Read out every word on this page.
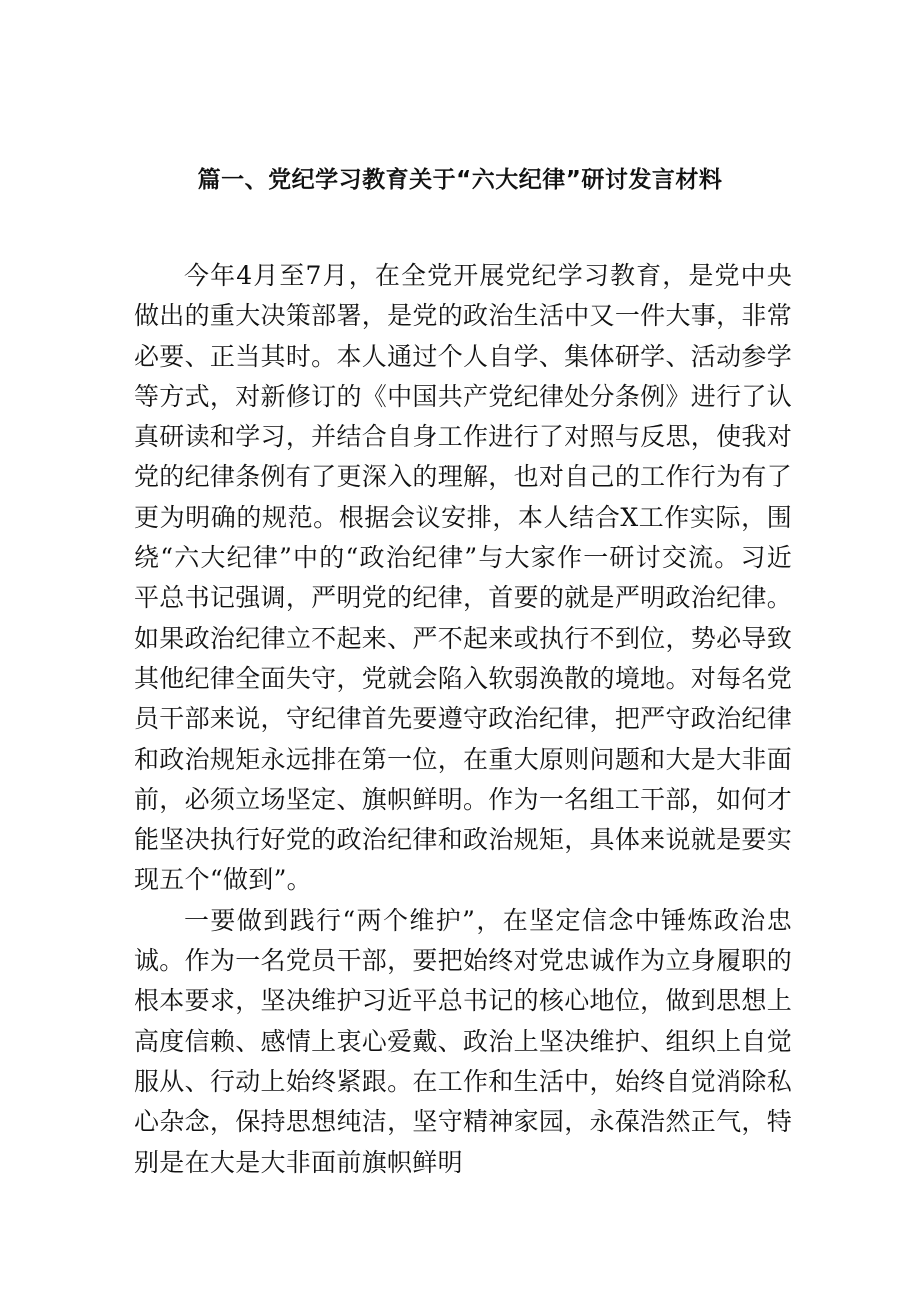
篇一、党纪学习教育关于“六大纪律”研讨发言材料

今年4月至7月，在全党开展党纪学习教育，是党中央做出的重大决策部署，是党的政治生活中又一件大事，非常必要、正当其时。本人通过个人自学、集体研学、活动参学等方式，对新修订的《中国共产党纪律处分条例》进行了认真研读和学习，并结合自身工作进行了对照与反思，使我对党的纪律条例有了更深入的理解，也对自己的工作行为有了更为明确的规范。根据会议安排，本人结合X工作实际，围绕“六大纪律”中的“政治纪律”与大家作一研讨交流。习近平总书记强调，严明党的纪律，首要的就是严明政治纪律。如果政治纪律立不起来、严不起来或执行不到位，势必导致其他纪律全面失守，党就会陷入软弱涣散的境地。对每名党员干部来说，守纪律首先要遵守政治纪律，把严守政治纪律和政治规矩永远排在第一位，在重大原则问题和大是大非面前，必须立场坚定、旗帜鲜明。作为一名组工干部，如何才能坚决执行好党的政治纪律和政治规矩，具体来说就是要实现五个“做到”。

一要做到践行“两个维护”，在坚定信念中锤炼政治忠诚。作为一名党员干部，要把始终对党忠诚作为立身履职的根本要求，坚决维护习近平总书记的核心地位，做到思想上高度信赖、感情上衷心爱戴、政治上坚决维护、组织上自觉服从、行动上始终紧跟。在工作和生活中，始终自觉消除私心杂念，保持思想纯洁，坚守精神家园，永葆浩然正气，特别是在大是大非面前旗帜鲜明
